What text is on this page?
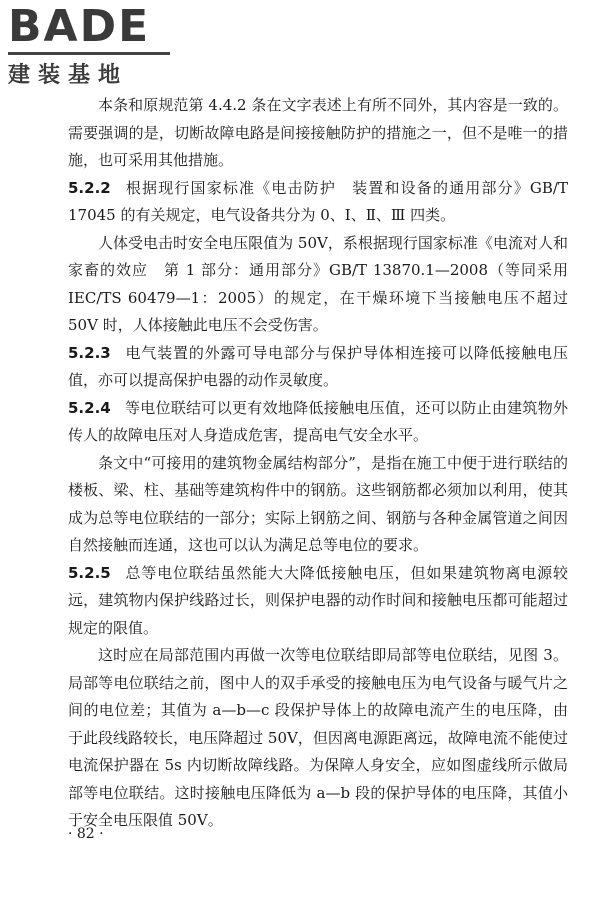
BADE
建装基地

本条和原规范第 4.4.2 条在文字表述上有所不同外，其内容是一致的。需要强调的是，切断故障电路是间接接触防护的措施之一，但不是唯一的措施，也可采用其他措施。

5.2.2 根据现行国家标准《电击防护　装置和设备的通用部分》GB/T 17045 的有关规定，电气设备共分为 0、Ⅰ、Ⅱ、Ⅲ 四类。

人体受电击时安全电压限值为 50V，系根据现行国家标准《电流对人和家畜的效应　第 1 部分：通用部分》GB/T 13870.1—2008（等同采用 IEC/TS 60479—1：2005）的规定，在干燥环境下当接触电压不超过 50V 时，人体接触此电压不会受伤害。

5.2.3 电气装置的外露可导电部分与保护导体相连接可以降低接触电压值，亦可以提高保护电器的动作灵敏度。

5.2.4 等电位联结可以更有效地降低接触电压值，还可以防止由建筑物外传人的故障电压对人身造成危害，提高电气安全水平。

条文中“可接用的建筑物金属结构部分”，是指在施工中便于进行联结的楼板、梁、柱、基础等建筑构件中的钢筋。这些钢筋都必须加以利用，使其成为总等电位联结的一部分；实际上钢筋之间、钢筋与各种金属管道之间因自然接触而连通，这也可以认为满足总等电位的要求。

5.2.5 总等电位联结虽然能大大降低接触电压，但如果建筑物离电源较远，建筑物内保护线路过长，则保护电器的动作时间和接触电压都可能超过规定的限值。

这时应在局部范围内再做一次等电位联结即局部等电位联结，见图 3。局部等电位联结之前，图中人的双手承受的接触电压为电气设备与暖气片之间的电位差；其值为 a—b—c 段保护导体上的故障电流产生的电压降，由于此段线路较长，电压降超过 50V，但因离电源距离远，故障电流不能使过电流保护器在 5s 内切断故障线路。为保障人身安全，应如图虚线所示做局部等电位联结。这时接触电压降低为 a—b 段的保护导体的电压降，其值小于安全电压限值 50V。

· 82 ·
